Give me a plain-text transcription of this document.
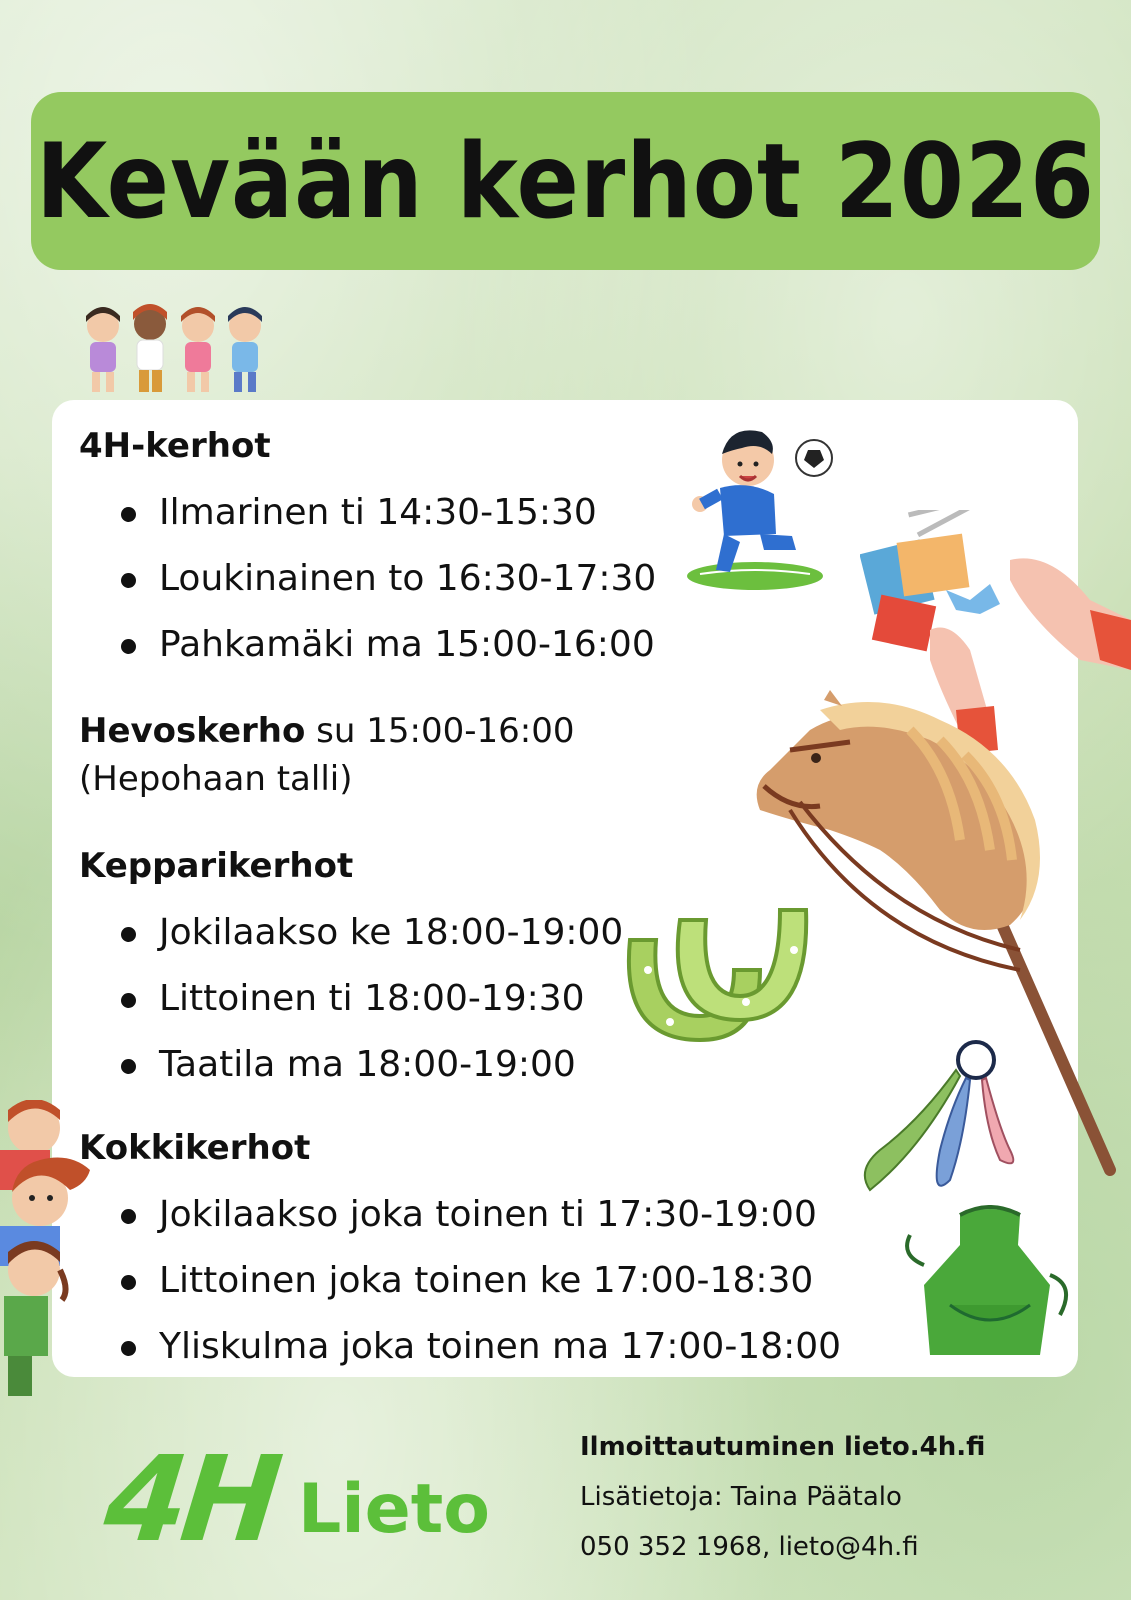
Kevään kerhot 2026
4H-kerhot
Ilmarinen ti 14:30-15:30
Loukinainen to 16:30-17:30
Pahkamäki ma 15:00-16:00
Hevoskerho su 15:00-16:00
(Hepohaan talli)
Kepparikerhot
Jokilaakso ke 18:00-19:00
Littoinen ti 18:00-19:30
Taatila ma 18:00-19:00
Kokkikerhot
Jokilaakso joka toinen ti 17:30-19:00
Littoinen joka toinen ke 17:00-18:30
Yliskulma joka toinen ma 17:00-18:00
4H Lieto
Ilmoittautuminen lieto.4h.fi
Lisätietoja: Taina Päätalo
050 352 1968, lieto@4h.fi
